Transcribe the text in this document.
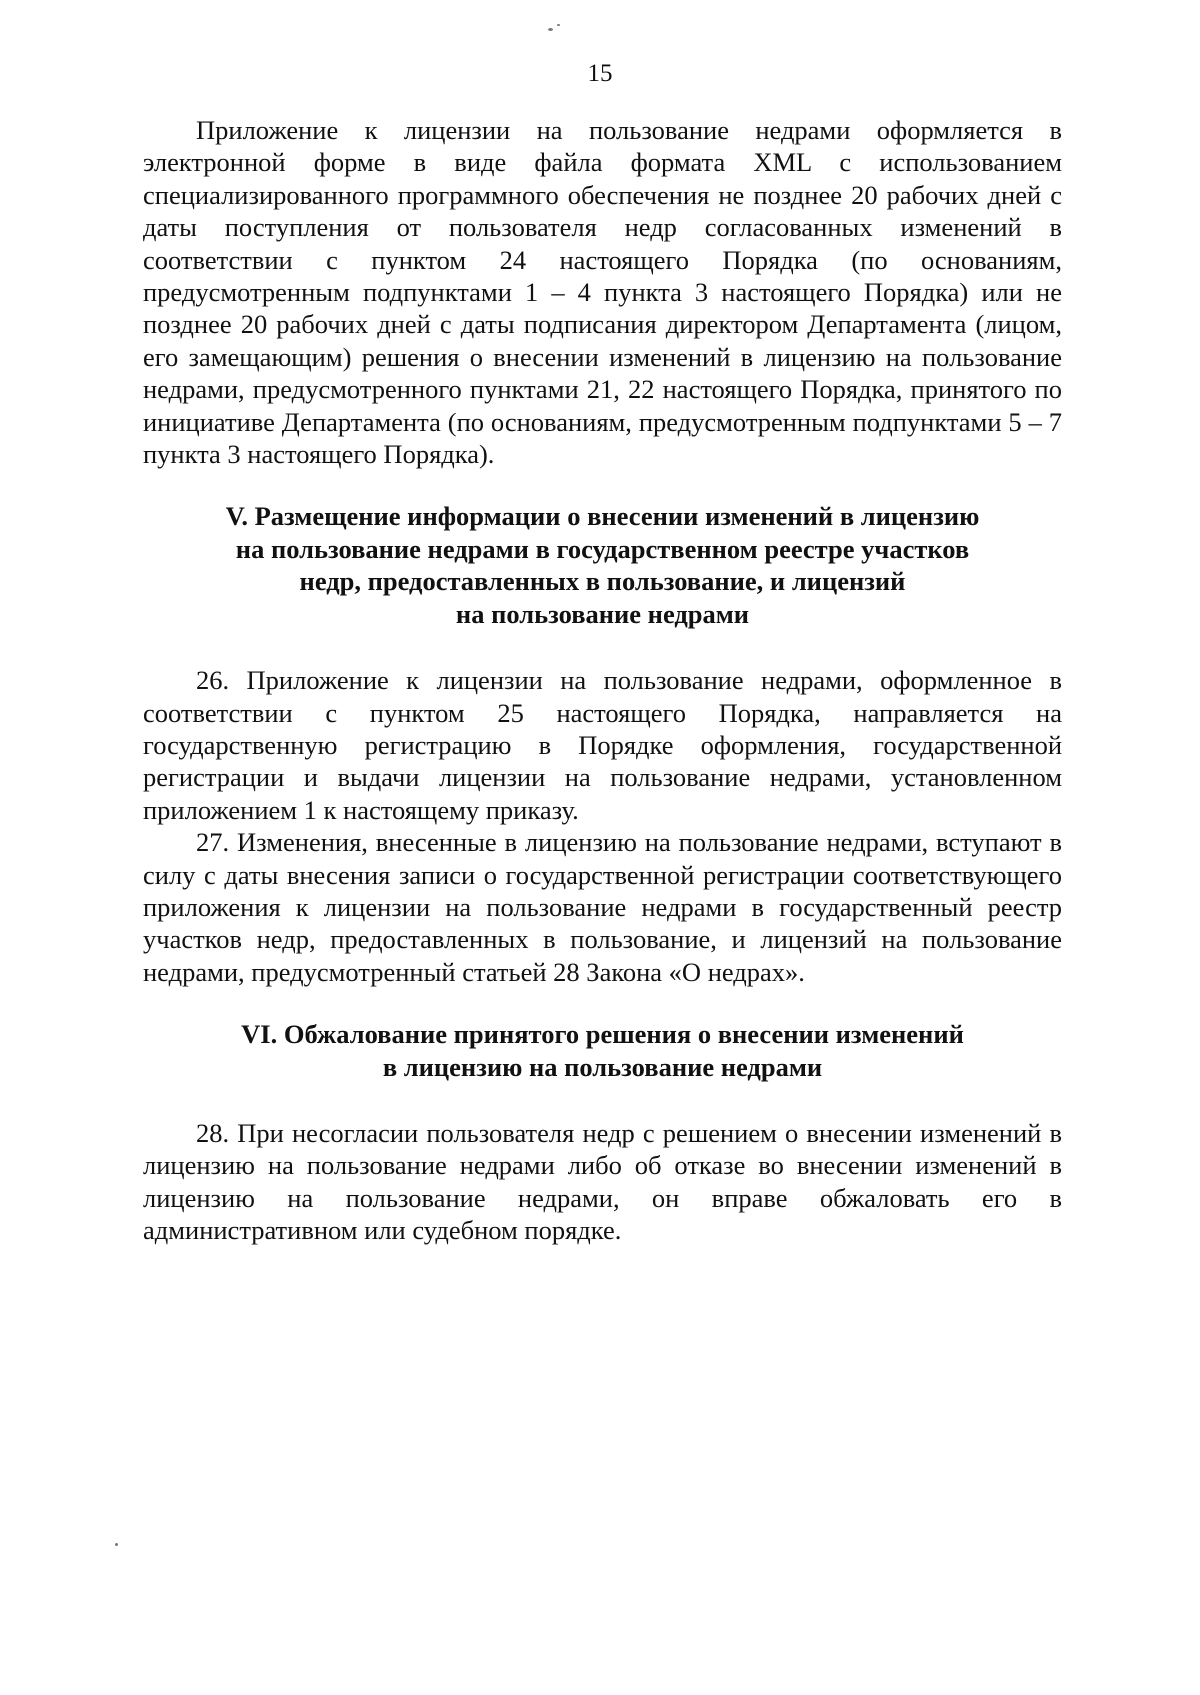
15

Приложение к лицензии на пользование недрами оформляется в электронной форме в виде файла формата XML с использованием специализированного программного обеспечения не позднее 20 рабочих дней с даты поступления от пользователя недр согласованных изменений в соответствии с пунктом 24 настоящего Порядка (по основаниям, предусмотренным подпунктами 1 – 4 пункта 3 настоящего Порядка) или не позднее 20 рабочих дней с даты подписания директором Департамента (лицом, его замещающим) решения о внесении изменений в лицензию на пользование недрами, предусмотренного пунктами 21, 22 настоящего Порядка, принятого по инициативе Департамента (по основаниям, предусмотренным подпунктами 5 – 7 пункта 3 настоящего Порядка).

V. Размещение информации о внесении изменений в лицензию
на пользование недрами в государственном реестре участков
недр, предоставленных в пользование, и лицензий
на пользование недрами

26. Приложение к лицензии на пользование недрами, оформленное в соответствии с пунктом 25 настоящего Порядка, направляется на государственную регистрацию в Порядке оформления, государственной регистрации и выдачи лицензии на пользование недрами, установленном приложением 1 к настоящему приказу.

27. Изменения, внесенные в лицензию на пользование недрами, вступают в силу с даты внесения записи о государственной регистрации соответствующего приложения к лицензии на пользование недрами в государственный реестр участков недр, предоставленных в пользование, и лицензий на пользование недрами, предусмотренный статьей 28 Закона «О недрах».

VI. Обжалование принятого решения о внесении изменений
в лицензию на пользование недрами

28. При несогласии пользователя недр с решением о внесении изменений в лицензию на пользование недрами либо об отказе во внесении изменений в лицензию на пользование недрами, он вправе обжаловать его в административном или судебном порядке.
